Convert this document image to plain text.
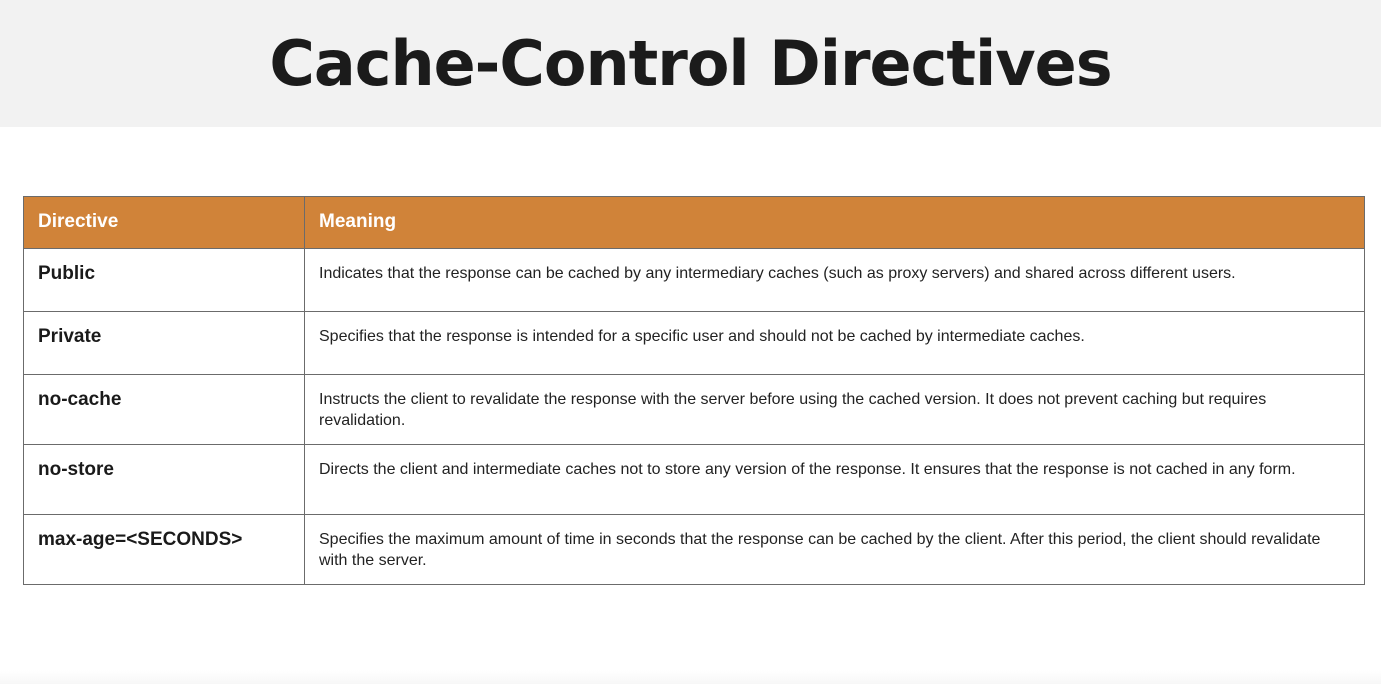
Cache-Control Directives
Directive	Meaning
Public	Indicates that the response can be cached by any intermediary caches (such as proxy servers) and shared across different users.
Private	Specifies that the response is intended for a specific user and should not be cached by intermediate caches.
no-cache	Instructs the client to revalidate the response with the server before using the cached version. It does not prevent caching but requires revalidation.
no-store	Directs the client and intermediate caches not to store any version of the response. It ensures that the response is not cached in any form.
max-age=<SECONDS>	Specifies the maximum amount of time in seconds that the response can be cached by the client. After this period, the client should revalidate with the server.
